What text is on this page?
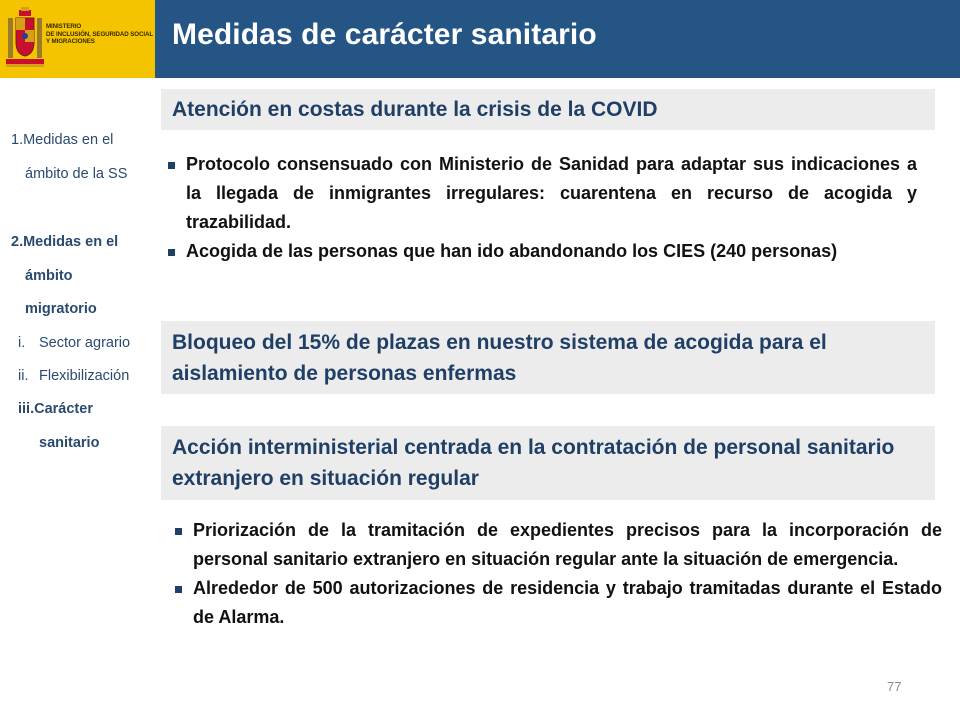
MINISTERIO
DE INCLUSIÓN, SEGURIDAD SOCIAL
Y MIGRACIONES	Medidas de carácter sanitario
1.Medidas en el
ámbito de la SS
2.Medidas en el
ámbito
migratorio
i. Sector agrario
ii. Flexibilización
iii.Carácter
sanitario
Atención en costas durante la crisis de la COVID
Protocolo consensuado con Ministerio de Sanidad para adaptar sus indicaciones a la llegada de inmigrantes irregulares: cuarentena en recurso de acogida y trazabilidad.
Acogida de las personas que han ido abandonando los CIES (240 personas)
Bloqueo del 15% de plazas en nuestro sistema de acogida para el aislamiento de personas enfermas
Acción interministerial centrada en la contratación de personal sanitario extranjero en situación regular
Priorización de la tramitación de expedientes precisos para la incorporación de personal sanitario extranjero en situación regular ante la situación de emergencia.
Alrededor de 500 autorizaciones de residencia y trabajo tramitadas durante el Estado de Alarma.
77
